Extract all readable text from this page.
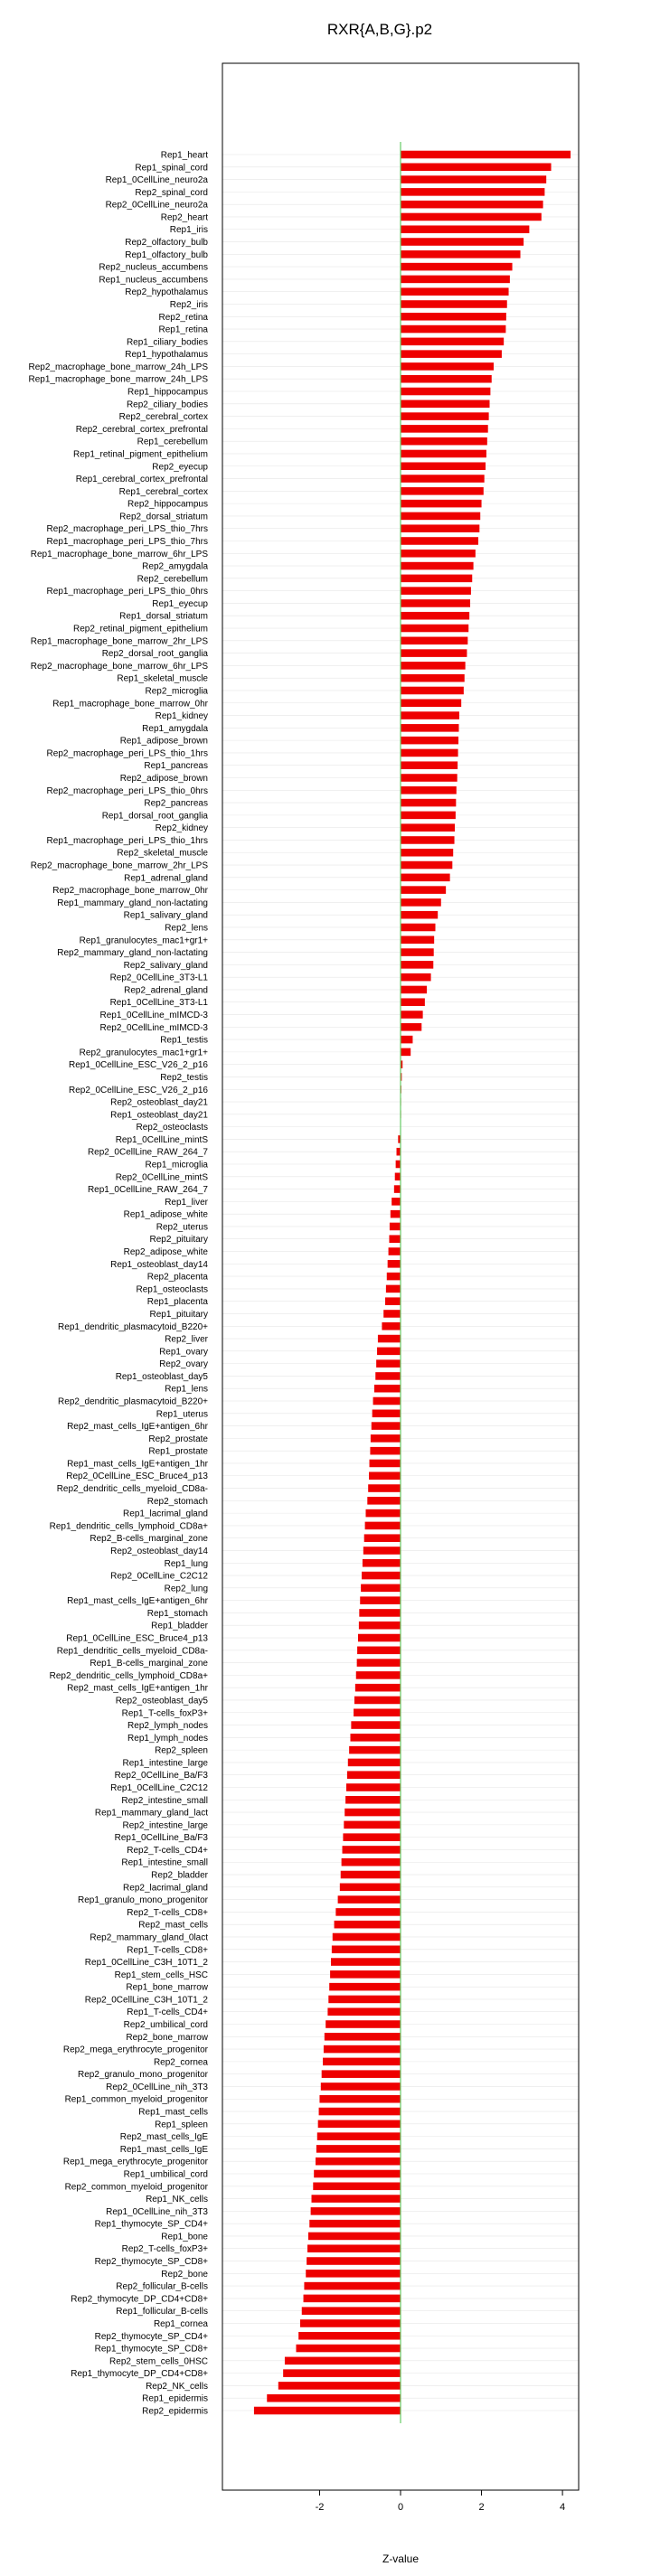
RXR{A,B,G}.p2
Rep1_heart
Rep1_spinal_cord
Rep1_0CellLine_neuro2a
Rep2_spinal_cord
Rep2_0CellLine_neuro2a
Rep2_heart
Rep1_iris
Rep2_olfactory_bulb
Rep1_olfactory_bulb
Rep2_nucleus_accumbens
Rep1_nucleus_accumbens
Rep2_hypothalamus
Rep2_iris
Rep2_retina
Rep1_retina
Rep1_ciliary_bodies
Rep1_hypothalamus
Rep2_macrophage_bone_marrow_24h_LPS
Rep1_macrophage_bone_marrow_24h_LPS
Rep1_hippocampus
Rep2_ciliary_bodies
Rep2_cerebral_cortex
Rep2_cerebral_cortex_prefrontal
Rep1_cerebellum
Rep1_retinal_pigment_epithelium
Rep2_eyecup
Rep1_cerebral_cortex_prefrontal
Rep1_cerebral_cortex
Rep2_hippocampus
Rep2_dorsal_striatum
Rep2_macrophage_peri_LPS_thio_7hrs
Rep1_macrophage_peri_LPS_thio_7hrs
Rep1_macrophage_bone_marrow_6hr_LPS
Rep2_amygdala
Rep2_cerebellum
Rep1_macrophage_peri_LPS_thio_0hrs
Rep1_eyecup
Rep1_dorsal_striatum
Rep2_retinal_pigment_epithelium
Rep1_macrophage_bone_marrow_2hr_LPS
Rep2_dorsal_root_ganglia
Rep2_macrophage_bone_marrow_6hr_LPS
Rep1_skeletal_muscle
Rep2_microglia
Rep1_macrophage_bone_marrow_0hr
Rep1_kidney
Rep1_amygdala
Rep1_adipose_brown
Rep2_macrophage_peri_LPS_thio_1hrs
Rep1_pancreas
Rep2_adipose_brown
Rep2_macrophage_peri_LPS_thio_0hrs
Rep2_pancreas
Rep1_dorsal_root_ganglia
Rep2_kidney
Rep1_macrophage_peri_LPS_thio_1hrs
Rep2_skeletal_muscle
Rep2_macrophage_bone_marrow_2hr_LPS
Rep1_adrenal_gland
Rep2_macrophage_bone_marrow_0hr
Rep1_mammary_gland_non-lactating
Rep1_salivary_gland
Rep2_lens
Rep1_granulocytes_mac1+gr1+
Rep2_mammary_gland_non-lactating
Rep2_salivary_gland
Rep2_0CellLine_3T3-L1
Rep2_adrenal_gland
Rep1_0CellLine_3T3-L1
Rep1_0CellLine_mIMCD-3
Rep2_0CellLine_mIMCD-3
Rep1_testis
Rep2_granulocytes_mac1+gr1+
Rep1_0CellLine_ESC_V26_2_p16
Rep2_testis
Rep2_0CellLine_ESC_V26_2_p16
Rep2_osteoblast_day21
Rep1_osteoblast_day21
Rep2_osteoclasts
Rep1_0CellLine_mintS
Rep2_0CellLine_RAW_264_7
Rep1_microglia
Rep2_0CellLine_mintS
Rep1_0CellLine_RAW_264_7
Rep1_liver
Rep1_adipose_white
Rep2_uterus
Rep2_pituitary
Rep2_adipose_white
Rep1_osteoblast_day14
Rep2_placenta
Rep1_osteoclasts
Rep1_placenta
Rep1_pituitary
Rep1_dendritic_plasmacytoid_B220+
Rep2_liver
Rep1_ovary
Rep2_ovary
Rep1_osteoblast_day5
Rep1_lens
Rep2_dendritic_plasmacytoid_B220+
Rep1_uterus
Rep2_mast_cells_IgE+antigen_6hr
Rep2_prostate
Rep1_prostate
Rep1_mast_cells_IgE+antigen_1hr
Rep2_0CellLine_ESC_Bruce4_p13
Rep2_dendritic_cells_myeloid_CD8a-
Rep2_stomach
Rep1_lacrimal_gland
Rep1_dendritic_cells_lymphoid_CD8a+
Rep2_B-cells_marginal_zone
Rep2_osteoblast_day14
Rep1_lung
Rep2_0CellLine_C2C12
Rep2_lung
Rep1_mast_cells_IgE+antigen_6hr
Rep1_stomach
Rep1_bladder
Rep1_0CellLine_ESC_Bruce4_p13
Rep1_dendritic_cells_myeloid_CD8a-
Rep1_B-cells_marginal_zone
Rep2_dendritic_cells_lymphoid_CD8a+
Rep2_mast_cells_IgE+antigen_1hr
Rep2_osteoblast_day5
Rep1_T-cells_foxP3+
Rep2_lymph_nodes
Rep1_lymph_nodes
Rep2_spleen
Rep1_intestine_large
Rep2_0CellLine_Ba/F3
Rep1_0CellLine_C2C12
Rep2_intestine_small
Rep1_mammary_gland_lact
Rep2_intestine_large
Rep1_0CellLine_Ba/F3
Rep2_T-cells_CD4+
Rep1_intestine_small
Rep2_bladder
Rep2_lacrimal_gland
Rep1_granulo_mono_progenitor
Rep2_T-cells_CD8+
Rep2_mast_cells
Rep2_mammary_gland_0lact
Rep1_T-cells_CD8+
Rep1_0CellLine_C3H_10T1_2
Rep1_stem_cells_HSC
Rep1_bone_marrow
Rep2_0CellLine_C3H_10T1_2
Rep1_T-cells_CD4+
Rep2_umbilical_cord
Rep2_bone_marrow
Rep2_mega_erythrocyte_progenitor
Rep2_cornea
Rep2_granulo_mono_progenitor
Rep2_0CellLine_nih_3T3
Rep1_common_myeloid_progenitor
Rep1_mast_cells
Rep1_spleen
Rep2_mast_cells_IgE
Rep1_mast_cells_IgE
Rep1_mega_erythrocyte_progenitor
Rep1_umbilical_cord
Rep2_common_myeloid_progenitor
Rep1_NK_cells
Rep1_0CellLine_nih_3T3
Rep1_thymocyte_SP_CD4+
Rep1_bone
Rep2_T-cells_foxP3+
Rep2_thymocyte_SP_CD8+
Rep2_bone
Rep2_follicular_B-cells
Rep2_thymocyte_DP_CD4+CD8+
Rep1_follicular_B-cells
Rep1_cornea
Rep2_thymocyte_SP_CD4+
Rep1_thymocyte_SP_CD8+
Rep2_stem_cells_0HSC
Rep1_thymocyte_DP_CD4+CD8+
Rep2_NK_cells
Rep1_epidermis
Rep2_epidermis
-2	0	2	4
Z-value
